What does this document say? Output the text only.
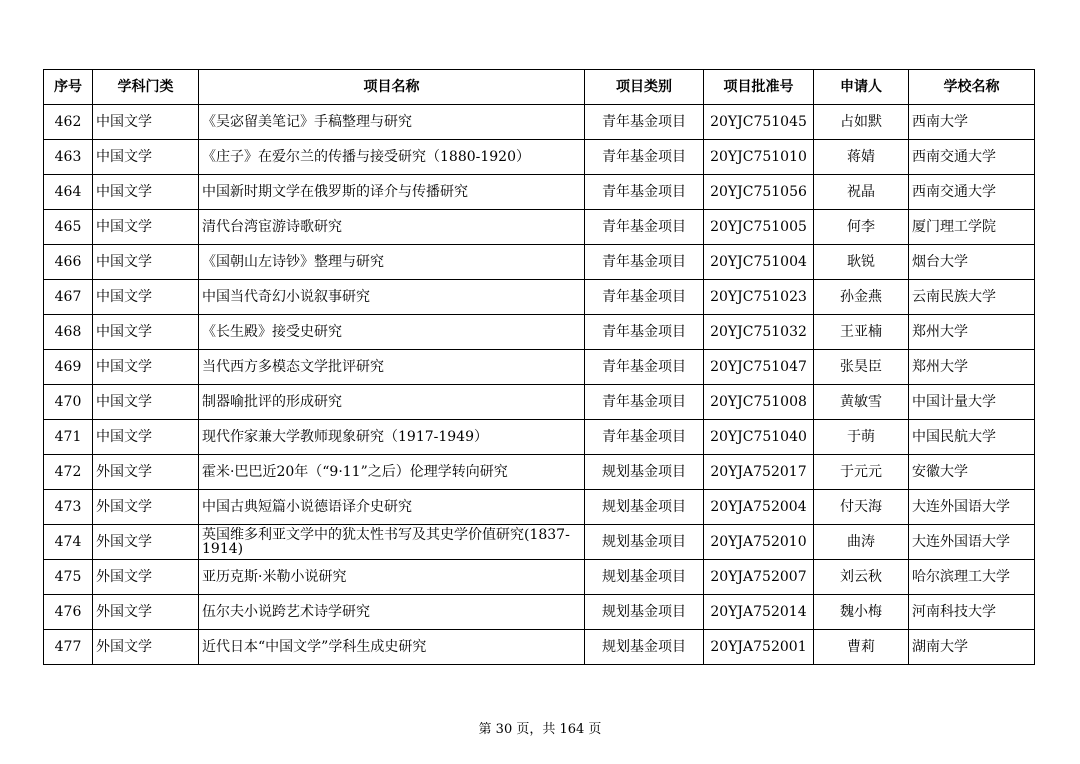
序号	学科门类	项目名称	项目类别	项目批准号	申请人	学校名称
462	中国文学	《吴宓留美笔记》手稿整理与研究	青年基金项目	20YJC751045	占如默	西南大学
463	中国文学	《庄子》在爱尔兰的传播与接受研究（1880-1920）	青年基金项目	20YJC751010	蒋婧	西南交通大学
464	中国文学	中国新时期文学在俄罗斯的译介与传播研究	青年基金项目	20YJC751056	祝晶	西南交通大学
465	中国文学	清代台湾宦游诗歌研究	青年基金项目	20YJC751005	何李	厦门理工学院
466	中国文学	《国朝山左诗钞》整理与研究	青年基金项目	20YJC751004	耿锐	烟台大学
467	中国文学	中国当代奇幻小说叙事研究	青年基金项目	20YJC751023	孙金燕	云南民族大学
468	中国文学	《长生殿》接受史研究	青年基金项目	20YJC751032	王亚楠	郑州大学
469	中国文学	当代西方多模态文学批评研究	青年基金项目	20YJC751047	张昊臣	郑州大学
470	中国文学	制器喻批评的形成研究	青年基金项目	20YJC751008	黄敏雪	中国计量大学
471	中国文学	现代作家兼大学教师现象研究（1917-1949）	青年基金项目	20YJC751040	于萌	中国民航大学
472	外国文学	霍米·巴巴近20年（“9·11”之后）伦理学转向研究	规划基金项目	20YJA752017	于元元	安徽大学
473	外国文学	中国古典短篇小说德语译介史研究	规划基金项目	20YJA752004	付天海	大连外国语大学
474	外国文学	英国维多利亚文学中的犹太性书写及其史学价值研究(1837-1914)	规划基金项目	20YJA752010	曲涛	大连外国语大学
475	外国文学	亚历克斯·米勒小说研究	规划基金项目	20YJA752007	刘云秋	哈尔滨理工大学
476	外国文学	伍尔夫小说跨艺术诗学研究	规划基金项目	20YJA752014	魏小梅	河南科技大学
477	外国文学	近代日本“中国文学”学科生成史研究	规划基金项目	20YJA752001	曹莉	湖南大学
第 30 页，共 164 页
